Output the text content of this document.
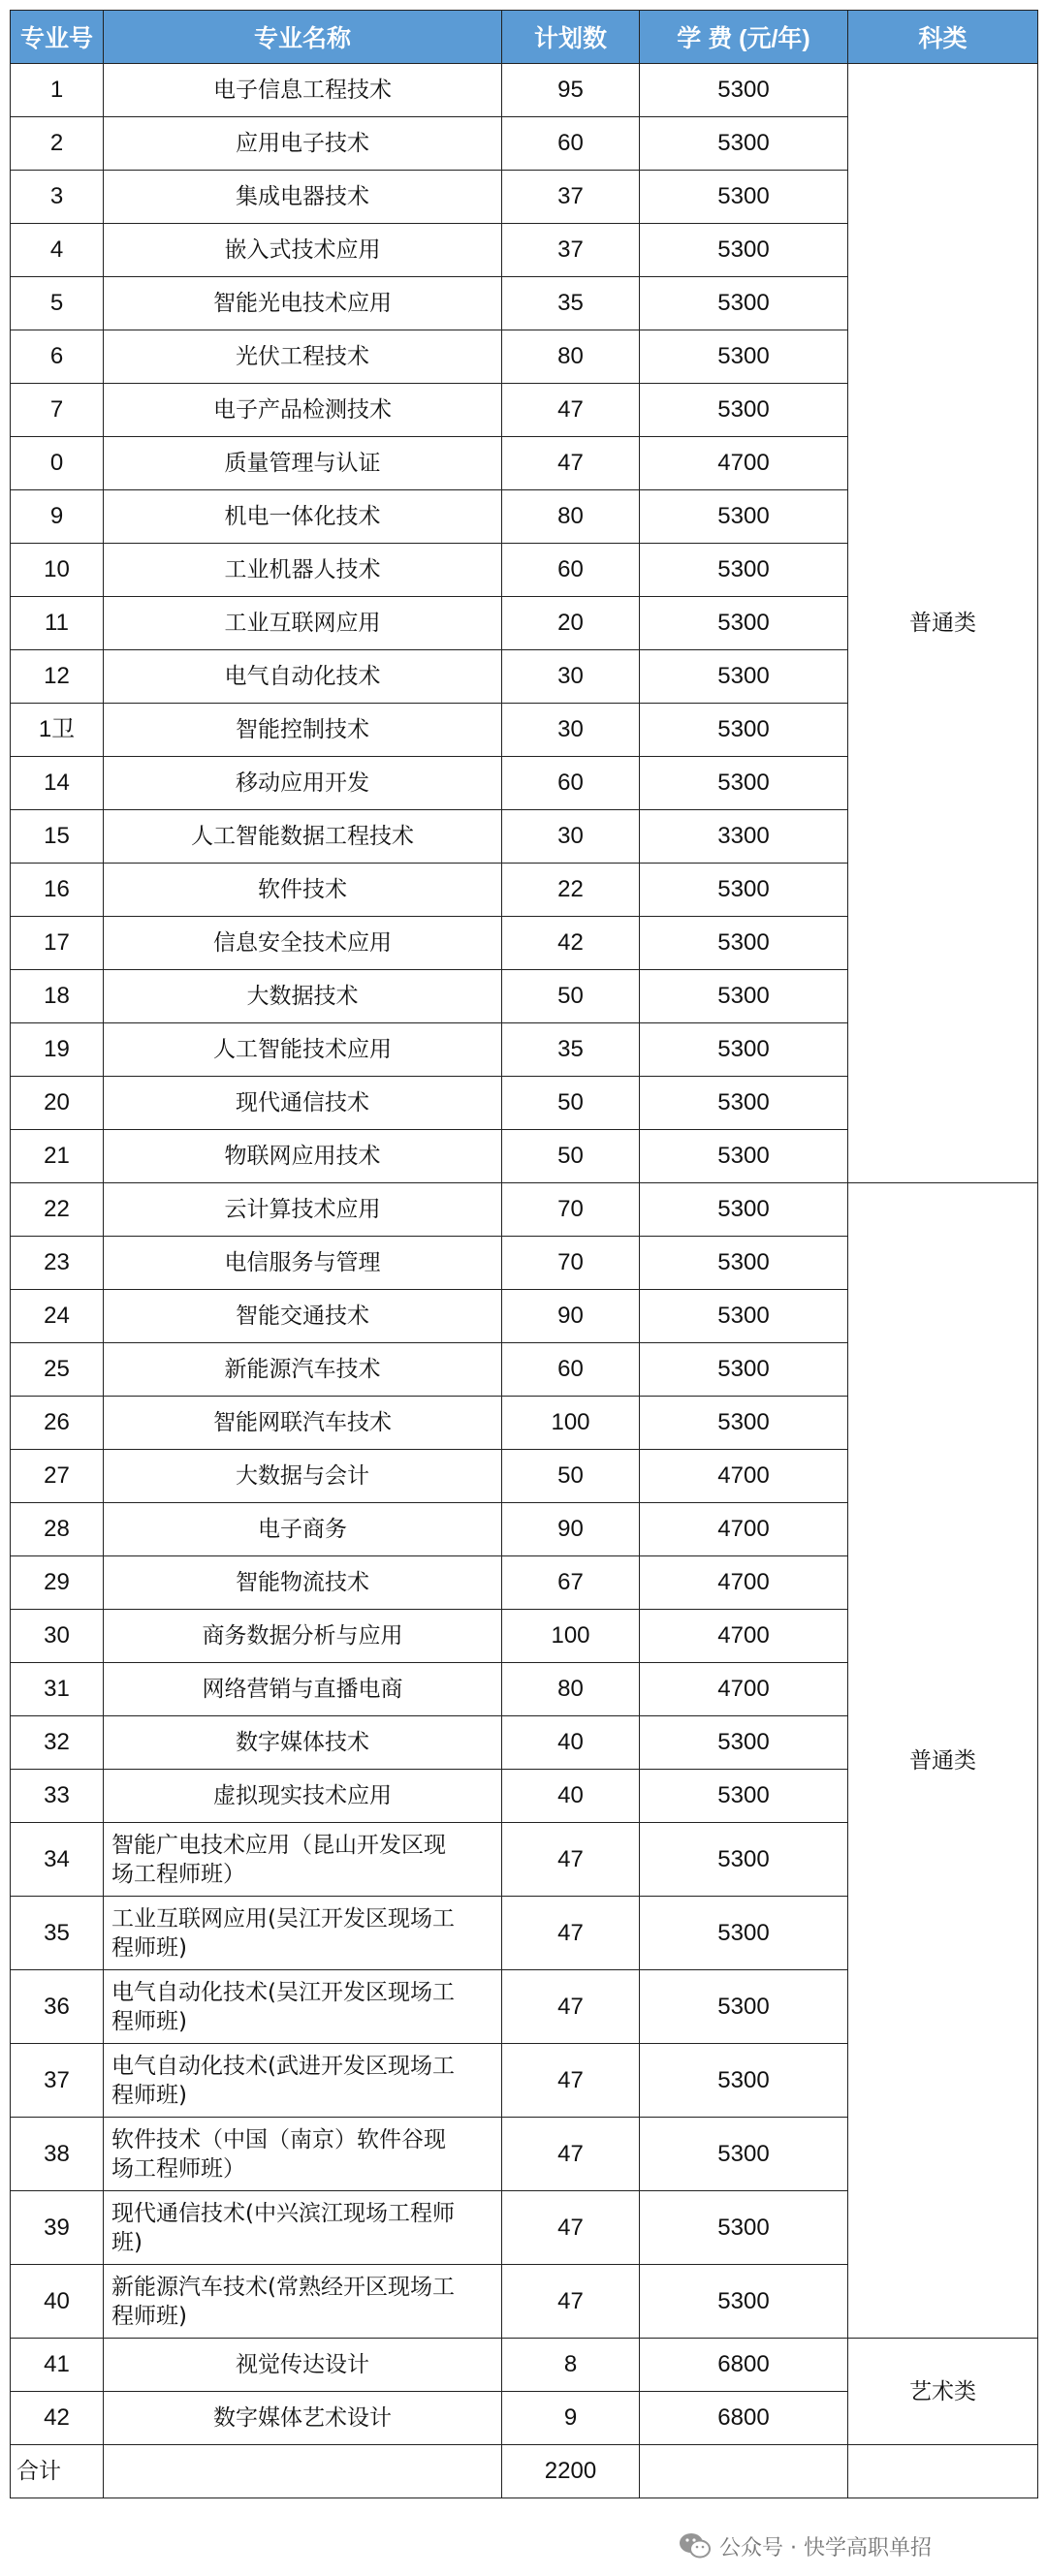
专业号	专业名称	计划数	学 费 (元/年)	科类
1	电子信息工程技术	95	5300	普通类
2	应用电子技术	60	5300	
3	集成电器技术	37	5300	
4	嵌入式技术应用	37	5300	
5	智能光电技术应用	35	5300	
6	光伏工程技术	80	5300	
7	电子产品检测技术	47	5300	
0	质量管理与认证	47	4700	
9	机电一体化技术	80	5300	
10	工业机器人技术	60	5300	
11	工业互联网应用	20	5300	
12	电气自动化技术	30	5300	
1卫	智能控制技术	30	5300	
14	移动应用开发	60	5300	
15	人工智能数据工程技术	30	3300	
16	软件技术	22	5300	
17	信息安全技术应用	42	5300	
18	大数据技术	50	5300	
19	人工智能技术应用	35	5300	
20	现代通信技术	50	5300	
21	物联网应用技术	50	5300	
22	云计算技术应用	70	5300	普通类
23	电信服务与管理	70	5300	
24	智能交通技术	90	5300	
25	新能源汽车技术	60	5300	
26	智能网联汽车技术	100	5300	
27	大数据与会计	50	4700	
28	电子商务	90	4700	
29	智能物流技术	67	4700	
30	商务数据分析与应用	100	4700	
31	网络营销与直播电商	80	4700	
32	数字媒体技术	40	5300	
33	虚拟现实技术应用	40	5300	
34	智能广电技术应用（昆山开发区现
场工程师班）	47	5300	
35	工业互联网应用(吴江开发区现场工
程师班)	47	5300	
36	电气自动化技术(吴江开发区现场工
程师班)	47	5300	
37	电气自动化技术(武进开发区现场工
程师班)	47	5300	
38	软件技术（中国（南京）软件谷现
场工程师班）	47	5300	
39	现代通信技术(中兴滨江现场工程师
班)	47	5300	
40	新能源汽车技术(常熟经开区现场工
程师班)	47	5300	
41	视觉传达设计	8	6800	艺术类
42	数字媒体艺术设计	9	6800	
合计		2200		
公众号 · 快学高职单招
